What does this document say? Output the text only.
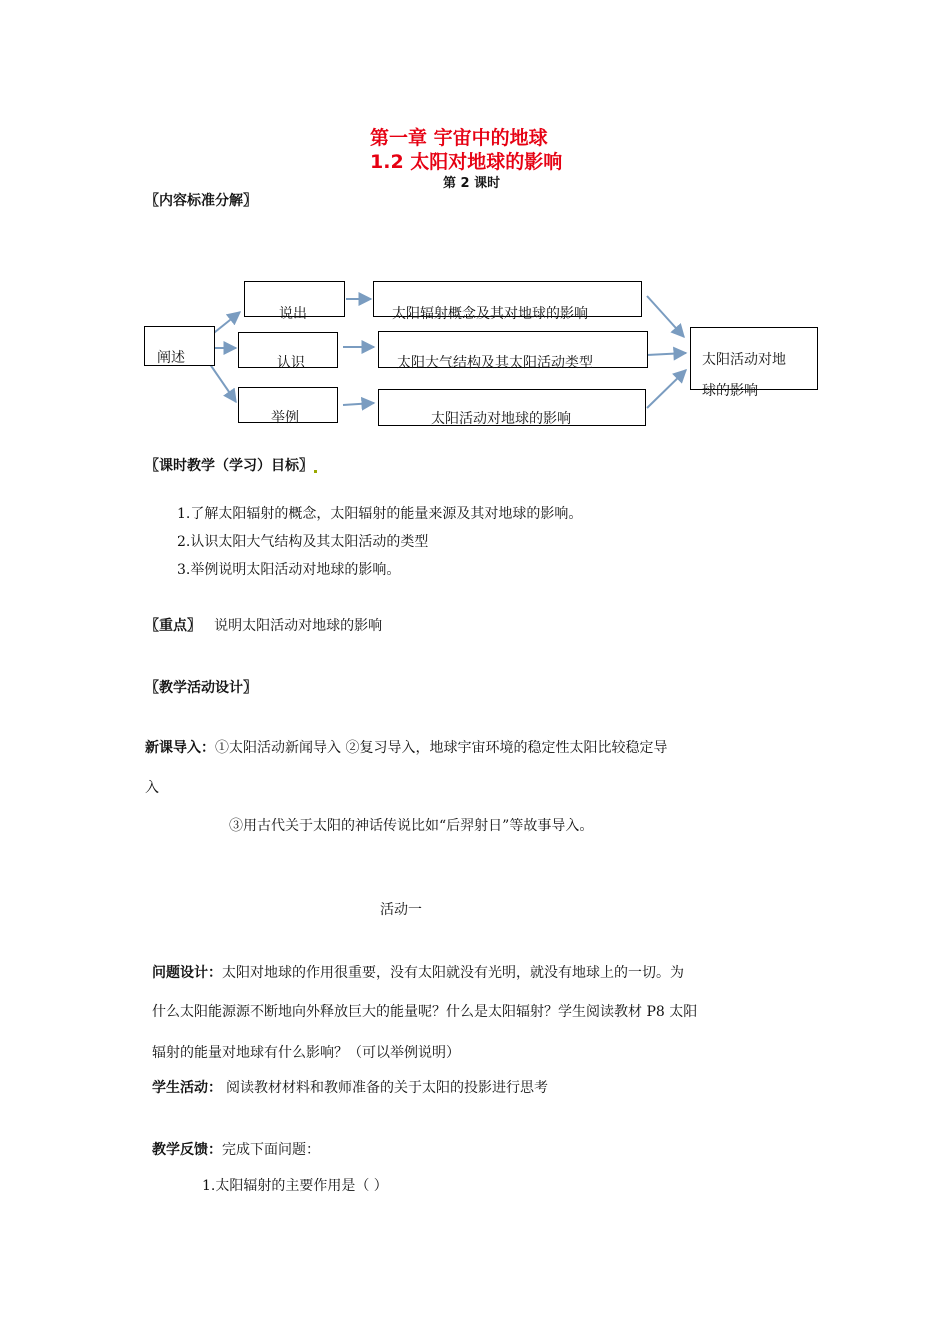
第一章 宇宙中的地球
1.2 太阳对地球的影响
第 2 课时
〖内容标准分解〗
阐述
说出
认识
举例
太阳辐射概念及其对地球的影响
太阳大气结构及其太阳活动类型
太阳活动对地球的影响
太阳活动对地
球的影响
〖课时教学（学习）目标〗
1.了解太阳辐射的概念，太阳辐射的能量来源及其对地球的影响。
2.认识太阳大气结构及其太阳活动的类型
3.举例说明太阳活动对地球的影响。
〖重点〗 说明太阳活动对地球的影响
〖教学活动设计〗
新课导入：①太阳活动新闻导入 ②复习导入，地球宇宙环境的稳定性太阳比较稳定导
入
③用古代关于太阳的神话传说比如“后羿射日”等故事导入。
活动一
问题设计：太阳对地球的作用很重要，没有太阳就没有光明，就没有地球上的一切。为
什么太阳能源源不断地向外释放巨大的能量呢？什么是太阳辐射？学生阅读教材 P8 太阳
辐射的能量对地球有什么影响？（可以举例说明）
学生活动： 阅读教材材料和教师准备的关于太阳的投影进行思考
教学反馈：完成下面问题：
1.太阳辐射的主要作用是（ ）
